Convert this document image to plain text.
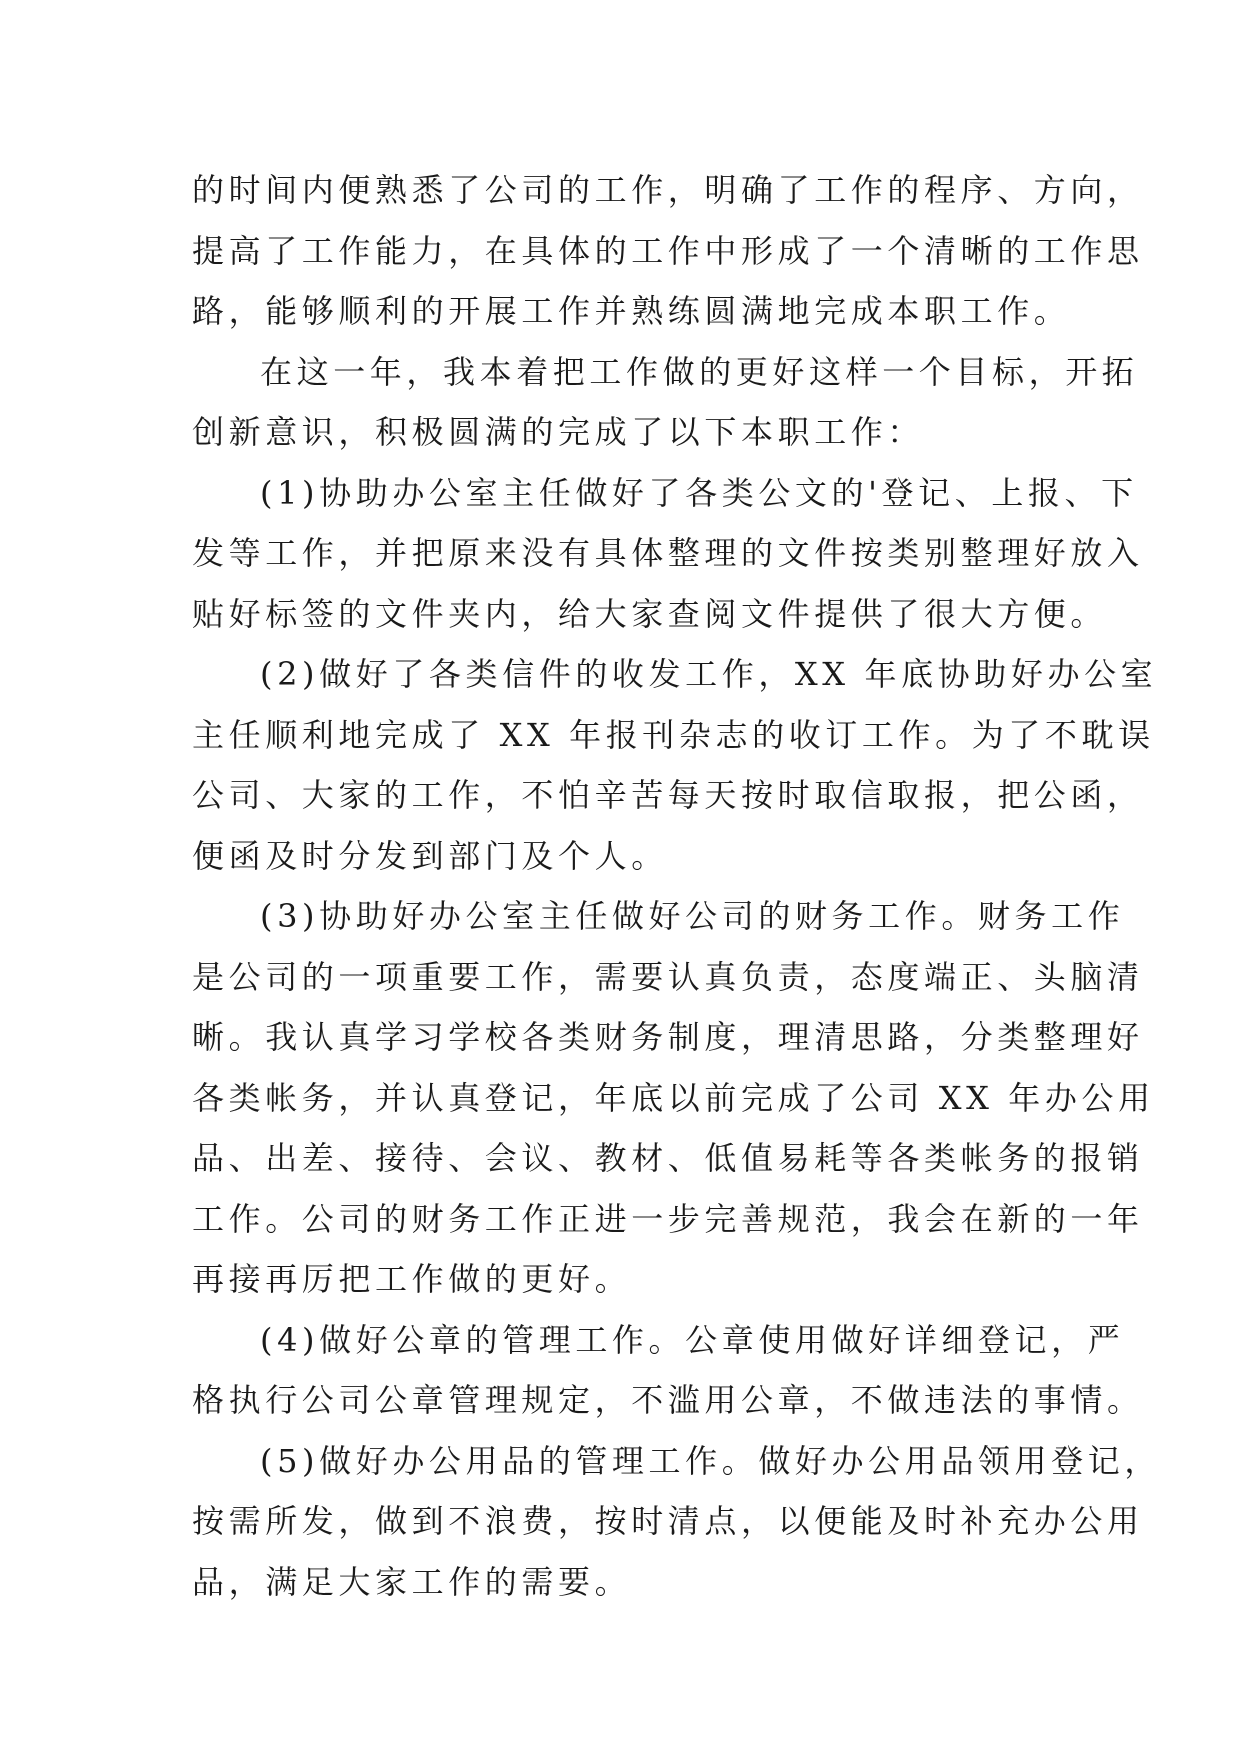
的时间内便熟悉了公司的工作，明确了工作的程序、方向，
提高了工作能力，在具体的工作中形成了一个清晰的工作思
路，能够顺利的开展工作并熟练圆满地完成本职工作。
在这一年，我本着把工作做的更好这样一个目标，开拓
创新意识，积极圆满的完成了以下本职工作：
(1)协助办公室主任做好了各类公文的'登记、上报、下
发等工作，并把原来没有具体整理的文件按类别整理好放入
贴好标签的文件夹内，给大家查阅文件提供了很大方便。
(2)做好了各类信件的收发工作，XX 年底协助好办公室
主任顺利地完成了 XX 年报刊杂志的收订工作。为了不耽误
公司、大家的工作，不怕辛苦每天按时取信取报，把公函，
便函及时分发到部门及个人。
(3)协助好办公室主任做好公司的财务工作。财务工作
是公司的一项重要工作，需要认真负责，态度端正、头脑清
晰。我认真学习学校各类财务制度，理清思路，分类整理好
各类帐务，并认真登记，年底以前完成了公司 XX 年办公用
品、出差、接待、会议、教材、低值易耗等各类帐务的报销
工作。公司的财务工作正进一步完善规范，我会在新的一年
再接再厉把工作做的更好。
(4)做好公章的管理工作。公章使用做好详细登记，严
格执行公司公章管理规定，不滥用公章，不做违法的事情。
(5)做好办公用品的管理工作。做好办公用品领用登记，
按需所发，做到不浪费，按时清点，以便能及时补充办公用
品，满足大家工作的需要。
